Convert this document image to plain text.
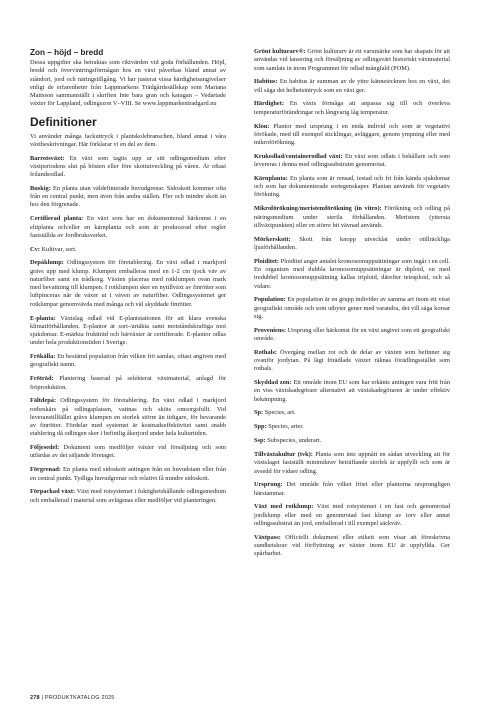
Zon – höjd – bredd

Dessa uppgifter ska betraktas som riktvärden vid goda förhållanden. Höjd, bredd och övervintringsförmågan hos en växt påverkas bland annat av ståndort, jord och näringstillgång. Vi har justerat vissa härdighetsangivelser enligt de erfarenheter från Lappmarkens Trädgårdssällskap som Mariana Mattsson sammanställt i skriften Inte bara gran och karagan – Vedartade växter för Lappland, odlingszon V–VIII. Se www.lappmarkentradgard.nu

Definitioner

Vi använder många fackuttryck i plantskolebranschen, bland annat i våra växtbeskrivningar. Här förklarar vi en del av dem.

Barrotsväxt: En växt som tagits upp ur sitt odlingsmedium efter växtperiodens slut på hösten eller före skottutveckling på våren. Är oftast frilandsodlad.

Buskig: En planta utan väldefinierade huvudgrenar. Sidoskott kommer ofta från en central punkt, men även från andra ställen. Fler och mindre skott än hos den förgrenade.

Certifierad planta: En växt som har en dokumenterad härkomst i en elitplanta och/eller en kärnplanta och som är producerad efter regler fastställda av Jordbruksverket.

Cv: Kultivar, sort.

Depåklump: Odlingssystem för företablering. En växt odlad i markjord grävs upp med klump. Klumpen emballeras med en 1-2 cm tjock väv av naturfiber samt en trådkorg. Växten placeras med rotklumpen ovan mark med bevattning till klumpen. I rotklumpen sker en nytillväxt av finrötter som luftpinceras när de växer ut i väven av naturfiber. Odlingssystemet ger rotklumpar genomvävda med många och väl skyddade finrötter.

E-planta: Växtslag odlad vid E-plantstationen för att klara svenska klimatförhållanden. E-plantor är sort-/artäkta samt motståndskraftiga mot sjukdomar. E-märkta fruktträd och bärväxter är certifierade. E-plantor odlas under hela produktionstiden i Sverige.

Frökälla: En bestämd population från vilken frö samlas, oftast angiven med geografiskt namn.

Fröträd: Plantering baserad på selekterat växtmaterial, anlagd för fröproduktion.

Fältdepå: Odlingssystem för företablering. En växt odlad i markjord rotbeskärs på odlingsplatsen, vattnas och sköts omsorgsfullt. Vid leveranstillfället grävs klumpen en storlek större än tidigare, för bevarande av finrötter. Fördelar med systemet är kostnadseffektivitet samt snabb etablering då odlingen sker i befintlig åkerjord under hela kulturtiden.

Följesedel: Dokument som medföljer växter vid försäljning och som utfärdas av det säljande företaget.

Förgrenad: En planta med sidoskott antingen från en huvudstam eller från en central punkt. Tydliga huvudgrenar och relativt få mindre sidoskott.

Förpackad växt: Växt med rotsystemet i fuktighetshållande odlingsmedium och emballerad i material som avlägsnas eller medföljer vid planteringen.

Grönt kulturarv®: Grönt kulturarv är ett varumärke som har skapats för att användas vid lansering och försäljning av odlingsvärt historiskt växtmaterial som samlats in inom Programmet för odlad mångfald (POM).

Habitus: En habitus är summan av de yttre kännetecknen hos en växt, det vill säga det helhetsintryck som en växt ger.

Härdighet: En växts förmåga att anpassa sig till och överleva temperaturförändringar och långvarig låg temperatur.

Klon: Plantor med ursprung i en enda individ och som är vegetativt förökade, med till exempel sticklingar, avläggare, genom ympning eller med mikroförökning.

Krukodlad/containerodlad växt: En växt som odlats i behållare och som levereras i denna med odlingssubstratet genomrotat.

Kärnplanta: En planta som är rensad, testad och fri från kända sjukdomar och som har dokumenterade sortegenskaper. Plantan används för vegetativ förökning.

Mikroförökning/meristemförökning (in vitro): Förökning och odling på näringsmedium under sterila förhållanden. Meristem (yttersta tillväxtpunkten) eller en större bit vävnad används.

Mörkerskott: Skott från knopp utvecklat under otillräckliga ljusförhållanden.

Ploiditet: Ploiditet anger antalet kromosomuppsättningar som ingår i en cell. En organism med dubbla kromosomuppsättningar är diploid, en med tredubbel kromosomuppsättning kallas triploid, därefter tetraploid, och så vidare.

Population: En population är en grupp individer av samma art inom ett visst geografiskt område och som utbyter gener med varandra, det vill säga korsar sig.

Proveniens: Ursprung eller härkomst för en växt angivet som ett geografiskt område.

Rothals: Övergång mellan rot och de delar av växten som befinner sig ovanför jordytan. På lägt förädlade växter räknas förädlingsstället som rothals.

Skyddad zon: Ett område inom EU som har erkänts antingen vara fritt från en viss växtskadegörare alternativt att växtskadegöraren är under effektiv bekämpning.

Sp: Species, art.

Spp: Species, arter.

Ssp: Subspecies, underart.

Tillväxtakultur (tvk): Planta som inte uppnått en sådan utveckling att för växtslaget fastställt minimikrav beträffande storlek är uppfyllt och som är avsedd för vidare odling.

Ursprung: Det område från vilket fröet eller plantorna ursprungligen härstammar.

Växt med rotklump: Växt med rotsystemet i en fast och genomrotad jordklump eller med en genomrotad fast klump av torv eller annat odlingssubstrat än jord, emballerad i till exempel säckväv.

Växtpass: Officiellt dokument eller etikett som visar att föreskrivna sundhetskrav vid förflyttning av växter inom EU är uppfyllda. Ger spårbarhet.

278 | PRODUKTKATALOG 2025
